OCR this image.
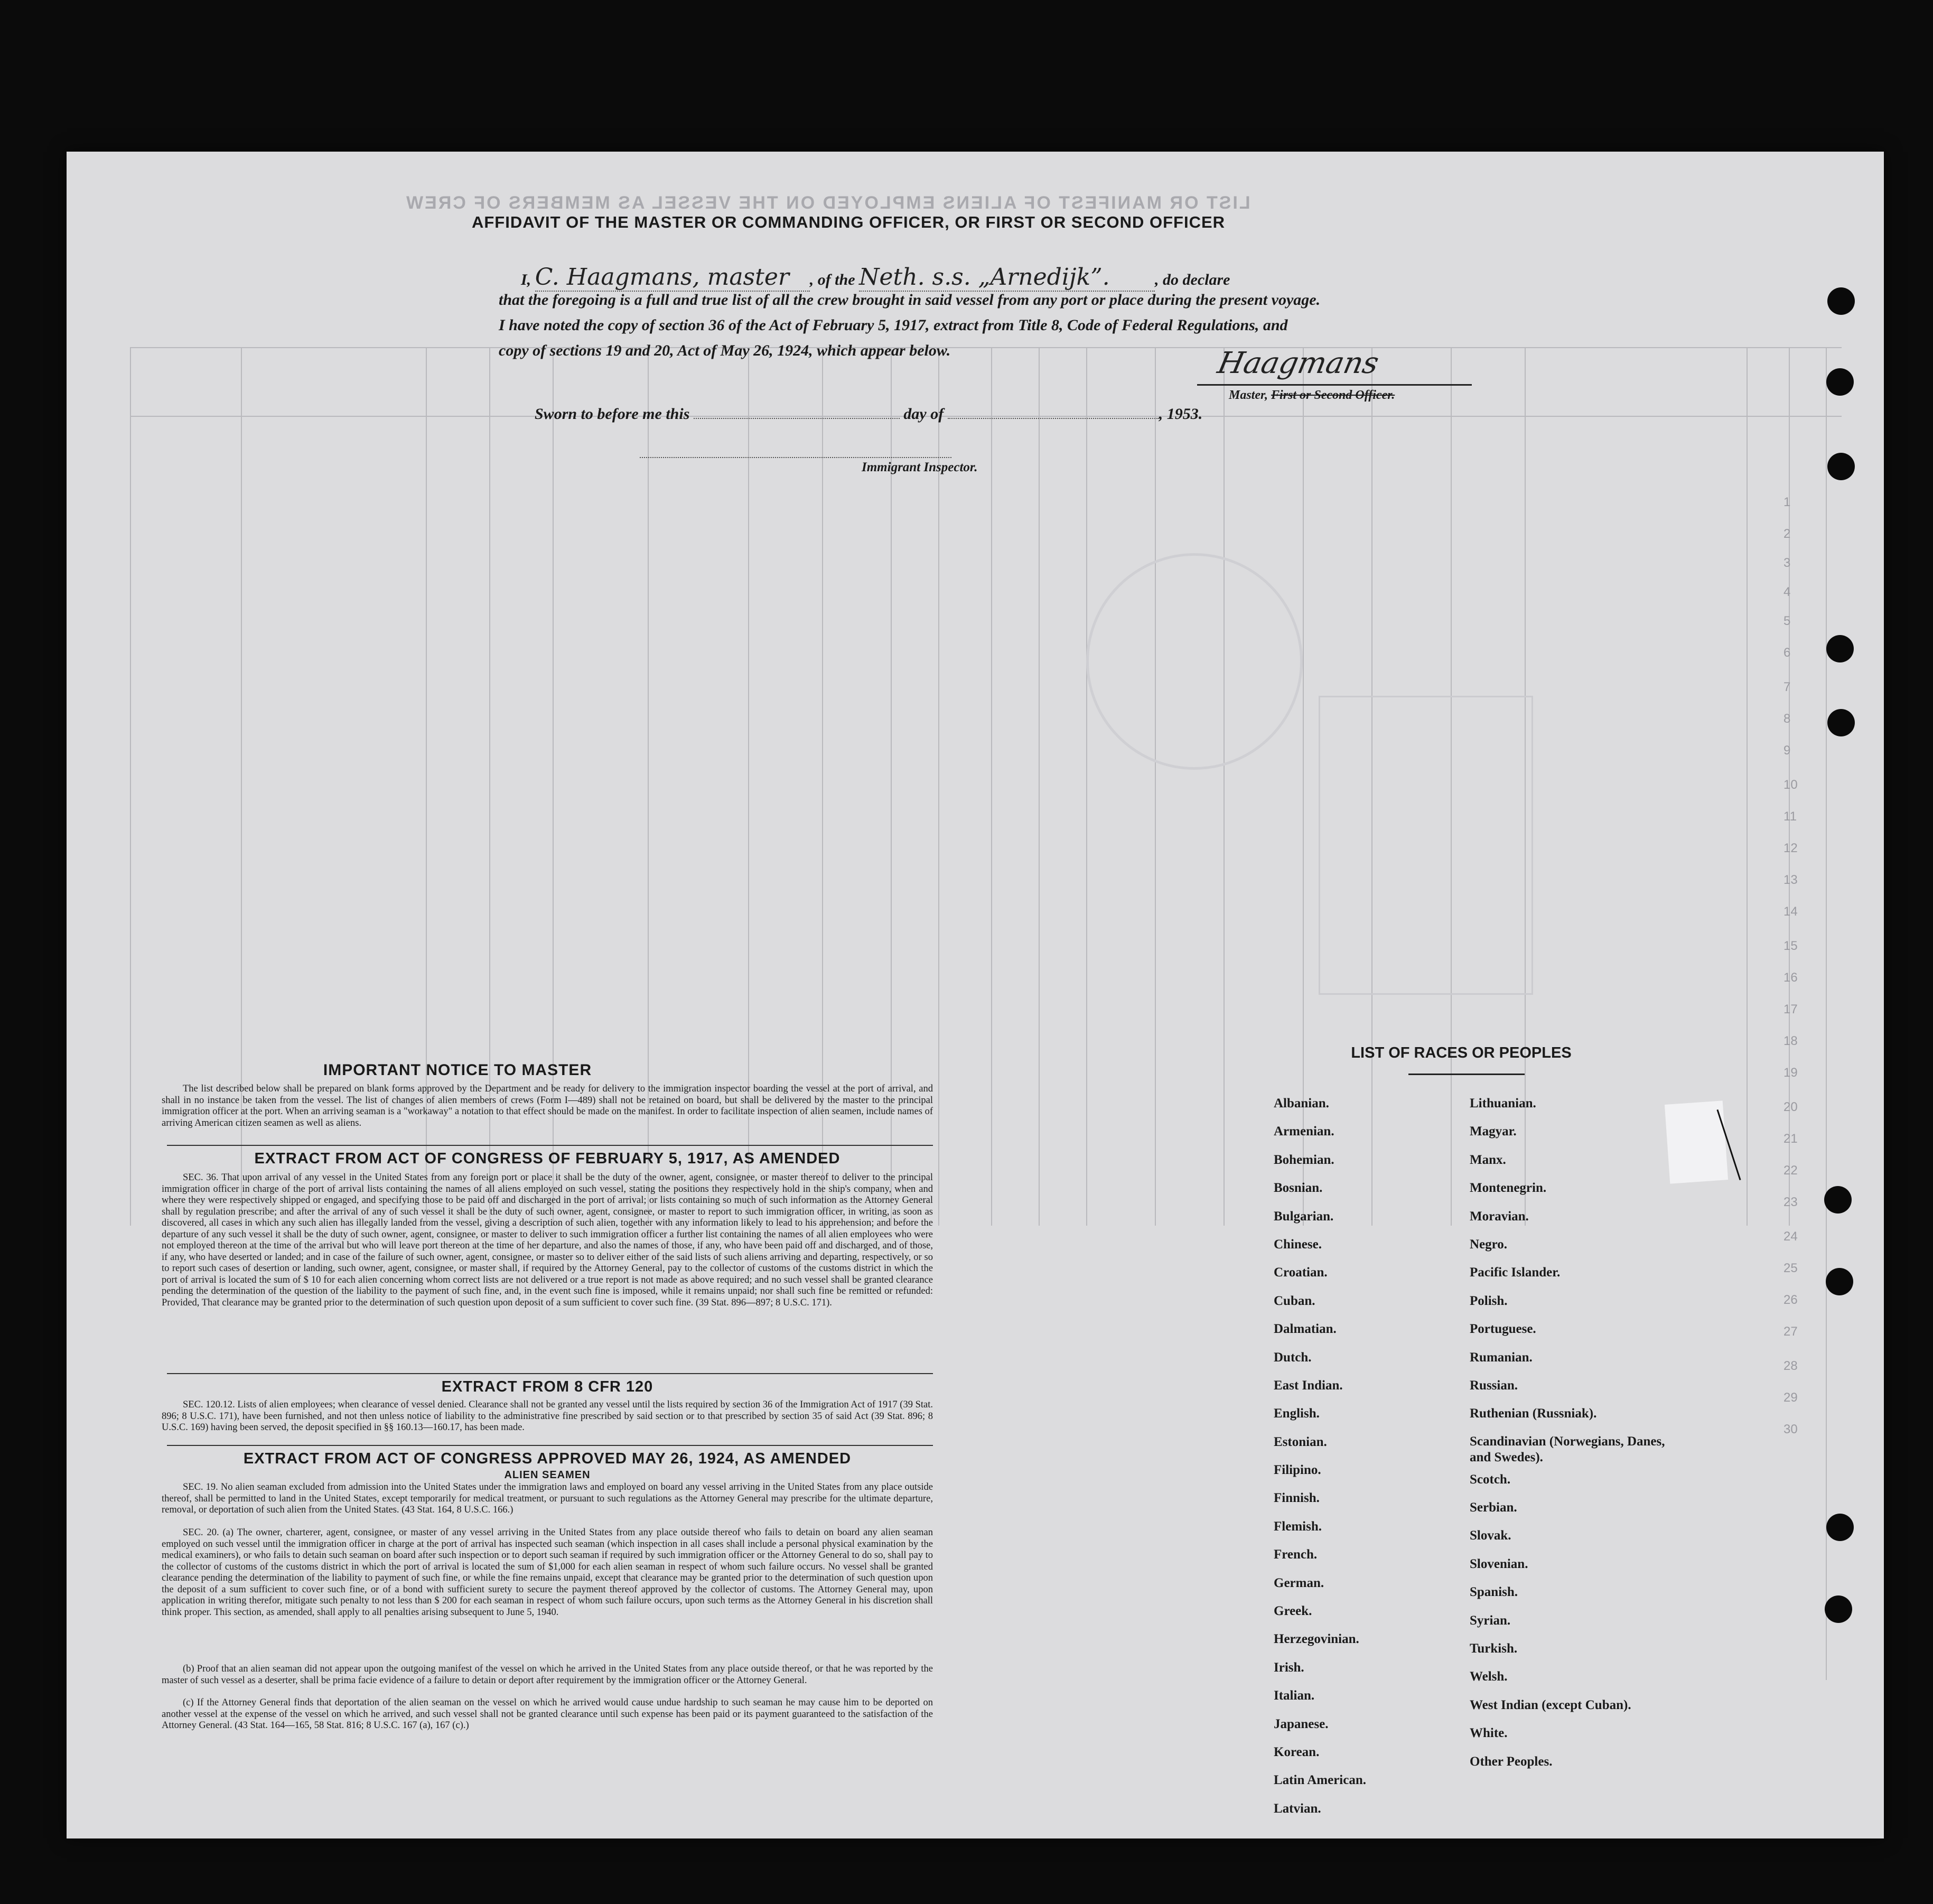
LIST OR MANIFEST OF ALIENS EMPLOYED ON THE VESSEL AS MEMBERS OF CREW
1
2
3
4
5
6
7
8
9
10
11
12
13
14
15
16
17
18
19
20
21
22
23
24
25
26
27
28
29
30
AFFIDAVIT OF THE MASTER OR COMMANDING OFFICER, OR FIRST OR SECOND OFFICER
I, C. Haagmans, master , of the Neth. s.s. „Arnedijk”.	, do declare
that the foregoing is a full and true list of all the crew brought in said vessel from any port or place during the present voyage.
I have noted the copy of section 36 of the Act of February 5, 1917, extract from Title 8, Code of Federal Regulations, and
copy of sections 19 and 20, Act of May 26, 1924, which appear below.	Haagmans
Master, First or Second Officer.
Sworn to before me this	day of	, 1953.
Immigrant Inspector.
IMPORTANT NOTICE TO MASTER
The list described below shall be prepared on blank forms approved by the Department and be ready for delivery to the immigration inspector boarding the vessel at the port of arrival, and shall in no instance be taken from the vessel. The list of changes of alien members of crews (Form I—489) shall not be retained on board, but shall be delivered by the master to the principal immigration officer at the port. When an arriving seaman is a "workaway" a notation to that effect should be made on the manifest. In order to facilitate inspection of alien seamen, include names of arriving American citizen seamen as well as aliens.
EXTRACT FROM ACT OF CONGRESS OF FEBRUARY 5, 1917, AS AMENDED
SEC. 36. That upon arrival of any vessel in the United States from any foreign port or place it shall be the duty of the owner, agent, consignee, or master thereof to deliver to the principal immigration officer in charge of the port of arrival lists containing the names of all aliens employed on such vessel, stating the positions they respectively hold in the ship's company, when and where they were respectively shipped or engaged, and specifying those to be paid off and discharged in the port of arrival; or lists containing so much of such information as the Attorney General shall by regulation prescribe; and after the arrival of any of such vessel it shall be the duty of such owner, agent, consignee, or master to report to such immigration officer, in writing, as soon as discovered, all cases in which any such alien has illegally landed from the vessel, giving a description of such alien, together with any information likely to lead to his apprehension; and before the departure of any such vessel it shall be the duty of such owner, agent, consignee, or master to deliver to such immigration officer a further list containing the names of all alien employees who were not employed thereon at the time of the arrival but who will leave port thereon at the time of her departure, and also the names of those, if any, who have been paid off and discharged, and of those, if any, who have deserted or landed; and in case of the failure of such owner, agent, consignee, or master so to deliver either of the said lists of such aliens arriving and departing, respectively, or so to report such cases of desertion or landing, such owner, agent, consignee, or master shall, if required by the Attorney General, pay to the collector of customs of the customs district in which the port of arrival is located the sum of $ 10 for each alien concerning whom correct lists are not delivered or a true report is not made as above required; and no such vessel shall be granted clearance pending the determination of the question of the liability to the payment of such fine, and, in the event such fine is imposed, while it remains unpaid; nor shall such fine be remitted or refunded: Provided, That clearance may be granted prior to the determination of such question upon deposit of a sum sufficient to cover such fine. (39 Stat. 896—897; 8 U.S.C. 171).
EXTRACT FROM 8 CFR 120
SEC. 120.12. Lists of alien employees; when clearance of vessel denied. Clearance shall not be granted any vessel until the lists required by section 36 of the Immigration Act of 1917 (39 Stat. 896; 8 U.S.C. 171), have been furnished, and not then unless notice of liability to the administrative fine prescribed by said section or to that prescribed by section 35 of said Act (39 Stat. 896; 8 U.S.C. 169) having been served, the deposit specified in §§ 160.13—160.17, has been made.
EXTRACT FROM ACT OF CONGRESS APPROVED MAY 26, 1924, AS AMENDED
ALIEN SEAMEN
SEC. 19. No alien seaman excluded from admission into the United States under the immigration laws and employed on board any vessel arriving in the United States from any place outside thereof, shall be permitted to land in the United States, except temporarily for medical treatment, or pursuant to such regulations as the Attorney General may prescribe for the ultimate departure, removal, or deportation of such alien from the United States. (43 Stat. 164, 8 U.S.C. 166.)
SEC. 20. (a) The owner, charterer, agent, consignee, or master of any vessel arriving in the United States from any place outside thereof who fails to detain on board any alien seaman employed on such vessel until the immigration officer in charge at the port of arrival has inspected such seaman (which inspection in all cases shall include a personal physical examination by the medical examiners), or who fails to detain such seaman on board after such inspection or to deport such seaman if required by such immigration officer or the Attorney General to do so, shall pay to the collector of customs of the customs district in which the port of arrival is located the sum of $1,000 for each alien seaman in respect of whom such failure occurs. No vessel shall be granted clearance pending the determination of the liability to payment of such fine, or while the fine remains unpaid, except that clearance may be granted prior to the determination of such question upon the deposit of a sum sufficient to cover such fine, or of a bond with sufficient surety to secure the payment thereof approved by the collector of customs. The Attorney General may, upon application in writing therefor, mitigate such penalty to not less than $ 200 for each seaman in respect of whom such failure occurs, upon such terms as the Attorney General in his discretion shall think proper. This section, as amended, shall apply to all penalties arising subsequent to June 5, 1940.
(b) Proof that an alien seaman did not appear upon the outgoing manifest of the vessel on which he arrived in the United States from any place outside thereof, or that he was reported by the master of such vessel as a deserter, shall be prima facie evidence of a failure to detain or deport after requirement by the immigration officer or the Attorney General.
(c) If the Attorney General finds that deportation of the alien seaman on the vessel on which he arrived would cause undue hardship to such seaman he may cause him to be deported on another vessel at the expense of the vessel on which he arrived, and such vessel shall not be granted clearance until such expense has been paid or its payment guaranteed to the satisfaction of the Attorney General. (43 Stat. 164—165, 58 Stat. 816; 8 U.S.C. 167 (a), 167 (c).)
LIST OF RACES OR PEOPLES
Albanian.
Armenian.
Bohemian.
Bosnian.
Bulgarian.
Chinese.
Croatian.
Cuban.
Dalmatian.
Dutch.
East Indian.
English.
Estonian.
Filipino.
Finnish.
Flemish.
French.
German.
Greek.
Herzegovinian.
Irish.
Italian.
Japanese.
Korean.
Latin American.
Latvian.
Lithuanian.
Magyar.
Manx.
Montenegrin.
Moravian.
Negro.
Pacific Islander.
Polish.
Portuguese.
Rumanian.
Russian.
Ruthenian (Russniak).
Scandinavian (Norwegians, Danes, and Swedes).
Scotch.
Serbian.
Slovak.
Slovenian.
Spanish.
Syrian.
Turkish.
Welsh.
West Indian (except Cuban).
White.
Other Peoples.
